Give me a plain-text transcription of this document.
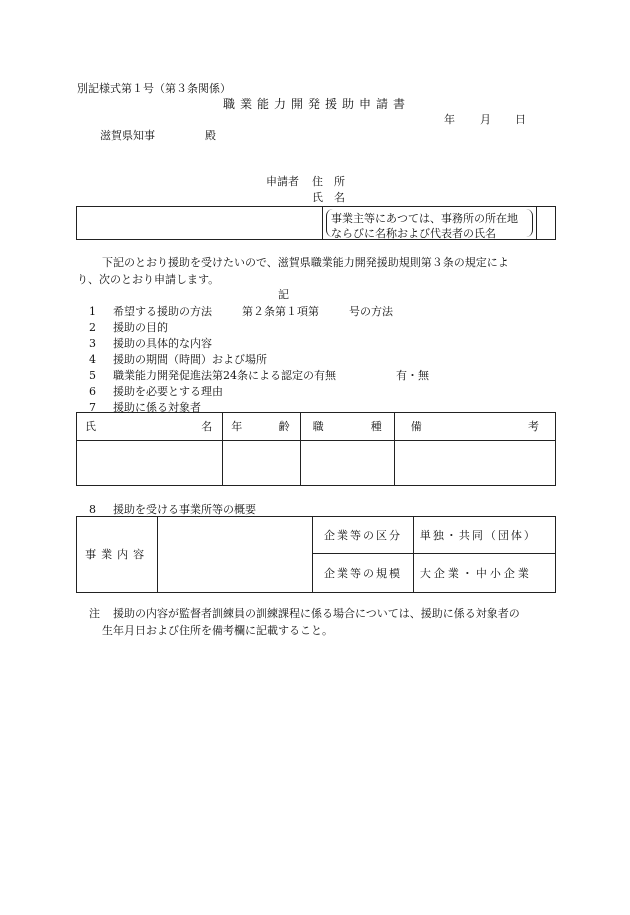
別記様式第１号（第３条関係）
職業能力開発援助申請書
年 月 日
滋賀県知事	殿
申請者 住　所
氏　名

事業主等にあつては、事務所の所在地
ならびに名称および代表者の氏名

下記のとおり援助を受けたいので、滋賀県職業能力開発援助規則第３条の規定によ
り、次のとおり申請します。
記
1 希望する援助の方法	第２条第１項第	号の方法
2 援助の目的
3 援助の具体的な内容
4 援助の期間（時間）および場所
5 職業能力開発促進法第24条による認定の有無	有・無
6 援助を必要とする理由
7 援助に係る対象者
氏 名	年 齢	職 種	備 考

8 援助を受ける事業所等の概要
事業内容		企業等の区分	単独・共同（団体）
		企業等の規模	大企業・中小企業
注 援助の内容が監督者訓練員の訓練課程に係る場合については、援助に係る対象者の
生年月日および住所を備考欄に記載すること。
